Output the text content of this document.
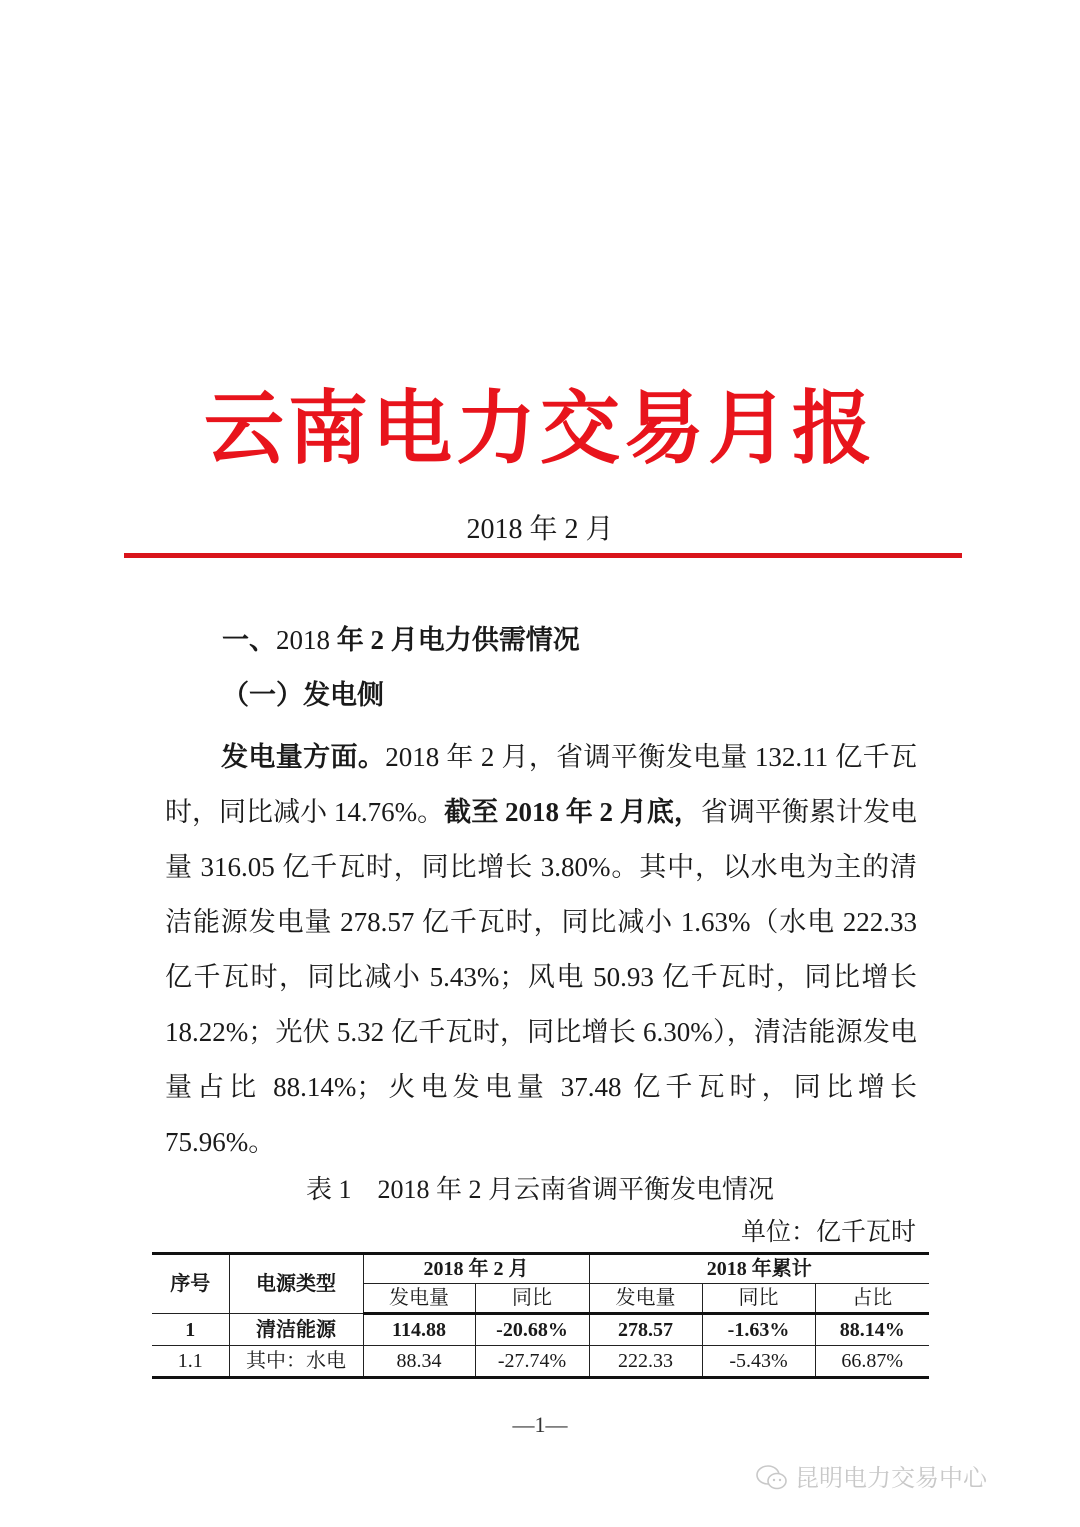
云南电力交易月报
2018 年 2 月
一、2018 年 2 月电力供需情况
（一）发电侧
发电量方面。2018 年 2 月，省调平衡发电量 132.11 亿千瓦时，同比减小 14.76%。截至 2018 年 2 月底，省调平衡累计发电量 316.05 亿千瓦时，同比增长 3.80%。其中，以水电为主的清洁能源发电量 278.57 亿千瓦时，同比减小 1.63%（水电 222.33 亿千瓦时，同比减小 5.43%；风电 50.93 亿千瓦时，同比增长 18.22%；光伏 5.32 亿千瓦时，同比增长 6.30%），清洁能源发电量占比 88.14%；火电发电量 37.48 亿千瓦时，同比增长 75.96%。
表 1　2018 年 2 月云南省调平衡发电情况
单位：亿千瓦时
序号	电源类型	2018 年 2 月		2018 年累计		
		发电量	同比	发电量	同比	占比
1	清洁能源	114.88	-20.68%	278.57	-1.63%	88.14%
1.1	其中：水电	88.34	-27.74%	222.33	-5.43%	66.87%
—1—
昆明电力交易中心
